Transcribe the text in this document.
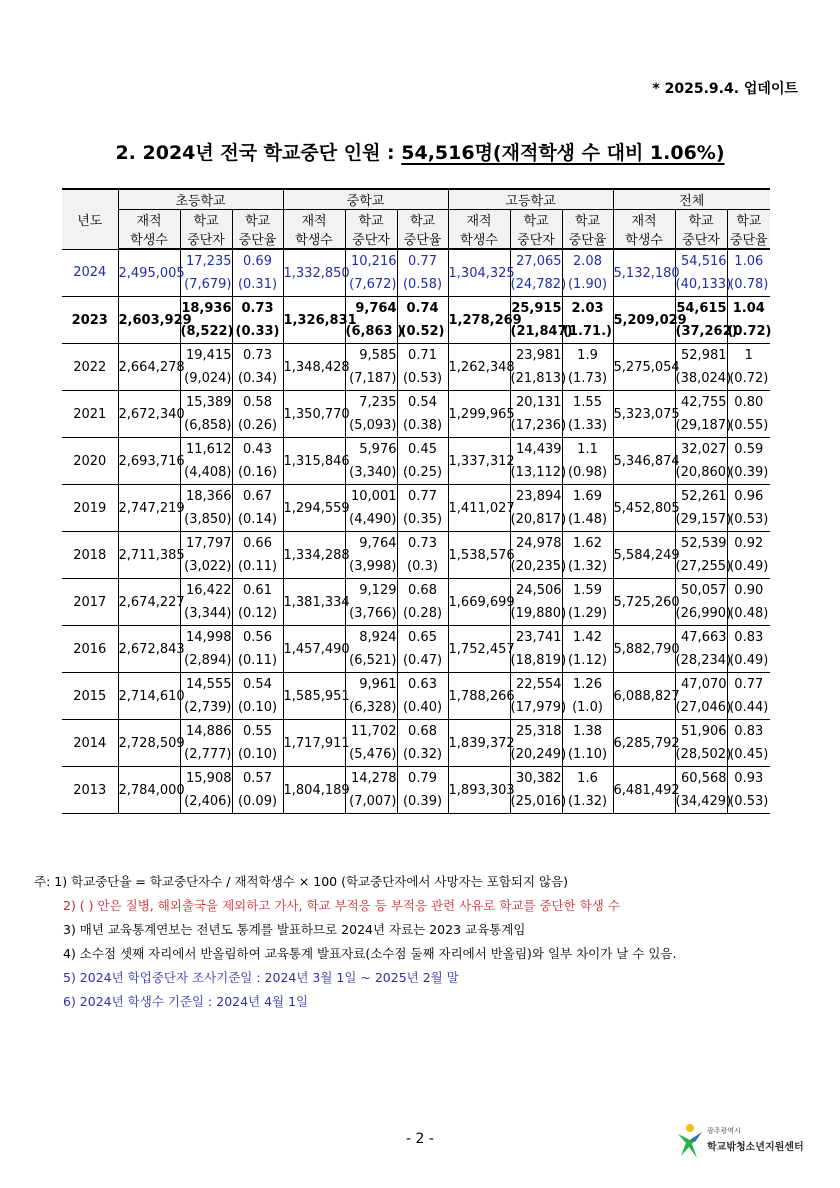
* 2025.9.4. 업데이트
2. 2024년 전국 학교중단 인원 : 54,516명(재적학생 수 대비 1.06%)
년도	초등학교			중학교			고등학교			전체		
	재적	학교	학교	재적	학교	학교	재적	학교	학교	재적	학교	학교
	학생수	중단자	중단율	학생수	중단자	중단율	학생수	중단자	중단율	학생수	중단자	중단율
2024	2,495,005	17,235	0.69	1,332,850	10,216	0.77	1,304,325	27,065	2.08	5,132,180	54,516	1.06
		(7,679)	(0.31)		(7,672)	(0.58)		(24,782)	(1.90)		(40,133)	(0.78)
2023	2,603,929	18,936	0.73	1,326,831	9,764	0.74	1,278,269	25,915	2.03	5,209,029	54,615	1.04
		(8,522)	(0.33)		(6,863 )	(0.52)		(21,847)	(1.71.)		(37,262)	(0.72)
2022	2,664,278	19,415	0.73	1,348,428	9,585	0.71	1,262,348	23,981	1.9	5,275,054	52,981	1
		(9,024)	(0.34)		(7,187)	(0.53)		(21,813)	(1.73)		(38,024)	(0.72)
2021	2,672,340	15,389	0.58	1,350,770	7,235	0.54	1,299,965	20,131	1.55	5,323,075	42,755	0.80
		(6,858)	(0.26)		(5,093)	(0.38)		(17,236)	(1.33)		(29,187)	(0.55)
2020	2,693,716	11,612	0.43	1,315,846	5,976	0.45	1,337,312	14,439	1.1	5,346,874	32,027	0.59
		(4,408)	(0.16)		(3,340)	(0.25)		(13,112)	(0.98)		(20,860)	(0.39)
2019	2,747,219	18,366	0.67	1,294,559	10,001	0.77	1,411,027	23,894	1.69	5,452,805	52,261	0.96
		(3,850)	(0.14)		(4,490)	(0.35)		(20,817)	(1.48)		(29,157)	(0.53)
2018	2,711,385	17,797	0.66	1,334,288	9,764	0.73	1,538,576	24,978	1.62	5,584,249	52,539	0.92
		(3,022)	(0.11)		(3,998)	(0.3)		(20,235)	(1.32)		(27,255)	(0.49)
2017	2,674,227	16,422	0.61	1,381,334	9,129	0.68	1,669,699	24,506	1.59	5,725,260	50,057	0.90
		(3,344)	(0.12)		(3,766)	(0.28)		(19,880)	(1.29)		(26,990)	(0.48)
2016	2,672,843	14,998	0.56	1,457,490	8,924	0.65	1,752,457	23,741	1.42	5,882,790	47,663	0.83
		(2,894)	(0.11)		(6,521)	(0.47)		(18,819)	(1.12)		(28,234)	(0.49)
2015	2,714,610	14,555	0.54	1,585,951	9,961	0.63	1,788,266	22,554	1.26	6,088,827	47,070	0.77
		(2,739)	(0.10)		(6,328)	(0.40)		(17,979)	(1.0)		(27,046)	(0.44)
2014	2,728,509	14,886	0.55	1,717,911	11,702	0.68	1,839,372	25,318	1.38	6,285,792	51,906	0.83
		(2,777)	(0.10)		(5,476)	(0.32)		(20,249)	(1.10)		(28,502)	(0.45)
2013	2,784,000	15,908	0.57	1,804,189	14,278	0.79	1,893,303	30,382	1.6	6,481,492	60,568	0.93
		(2,406)	(0.09)		(7,007)	(0.39)		(25,016)	(1.32)		(34,429)	(0.53)
주: 1) 학교중단율 = 학교중단자수 / 재적학생수 × 100 (학교중단자에서 사망자는 포함되지 않음)
2) ( ) 안은 질병, 해외출국을 제외하고 가사, 학교 부적응 등 부적응 관련 사유로 학교를 중단한 학생 수
3) 매년 교육통계연보는 전년도 통계를 발표하므로 2024년 자료는 2023 교육통계임
4) 소수점 셋째 자리에서 반올림하여 교육통계 발표자료(소수점 둘째 자리에서 반올림)와 일부 차이가 날 수 있음.
5) 2024년 학업중단자 조사기준일 : 2024년 3월 1일 ~ 2025년 2월 말
6) 2024년 학생수 기준일 : 2024년 4월 1일
- 2 -	광주광역시
학교밖청소년지원센터
